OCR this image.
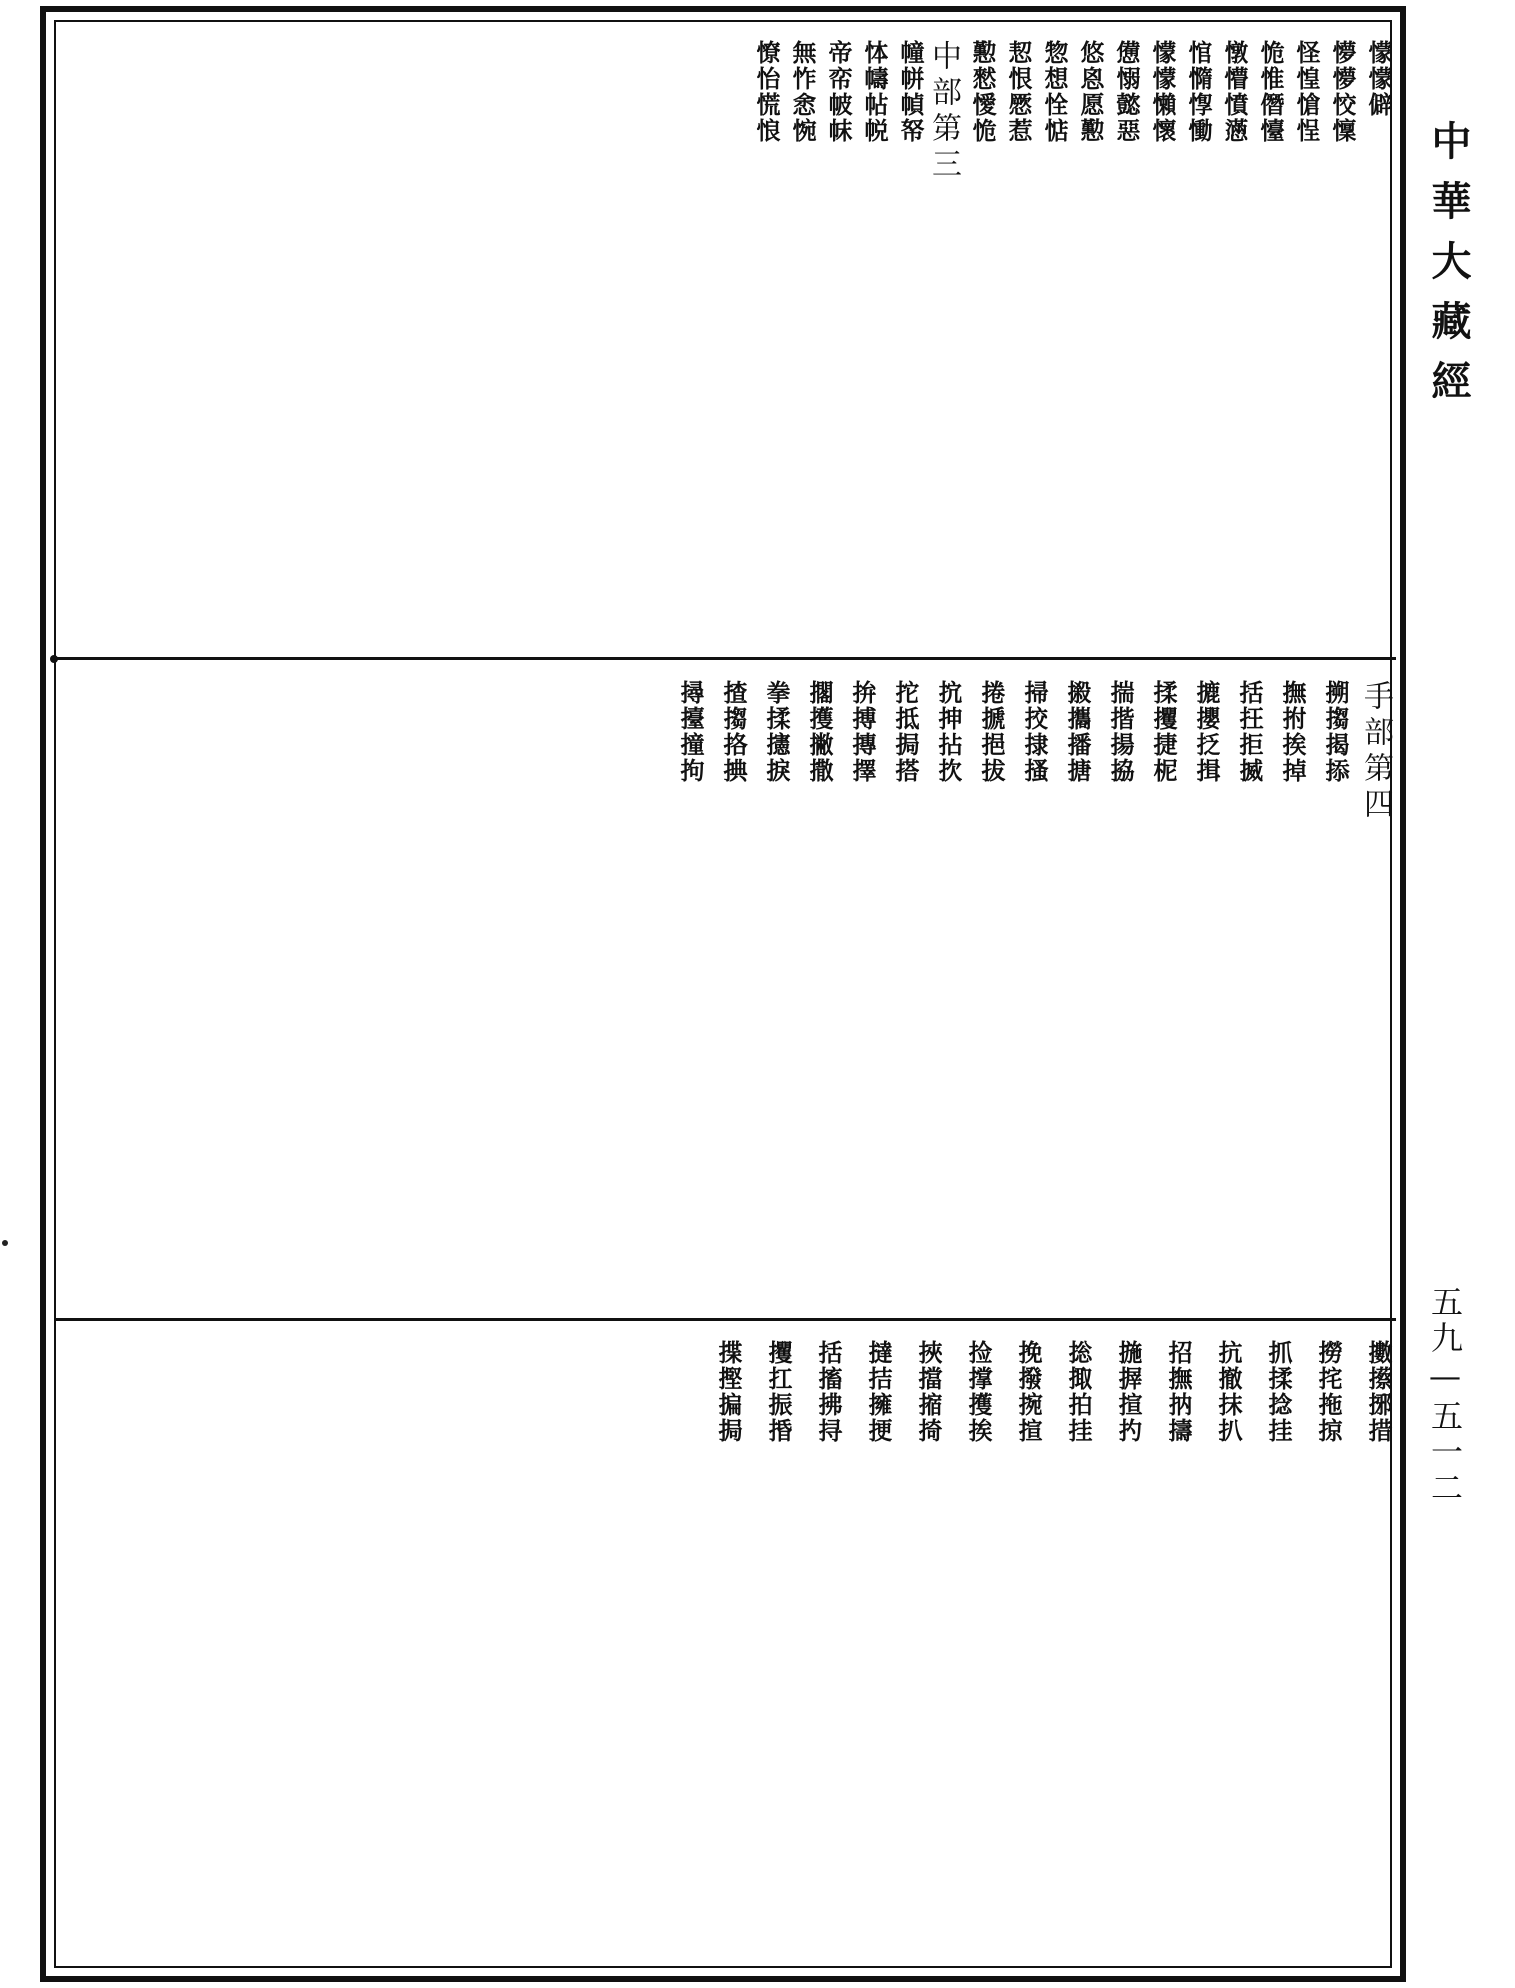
懞懞僻
懜懜恔懍
怪惶愴悜
恑惟僭懛
憞懵憤懣
悺憜惸慟
懞懞懶懷
憊愵懿惡
悠恖愿懃
惣想恮惦
恝恨憠惹
懃憖懓恑
中部第三
幢帡幀帑
㤓幬帖帨
帝帟帔帓
無怍悆惋
憭怡慌悢
手部第四
搠搊揭掭
撫拊挨掉
括抂拒揻
摝攖抸揖
揉攫捷柅
揣揩揚拹
摋攜播搪
掃挍捸搔
捲搋挹拔
抭抻拈扻
拕抵挶搭
拚搏摶擇
擱擭撇撒
拳揉攇捩
揸搊挌捵
撏擡撞拘
擻攃捓措
撈挓拖掠
抓揉捻挂
抗撤抹扒
招撫抐擣
揓搱揎扚
捴掫拍挂
挽撥捥揎
捡撑擭挨
挾擋摍掎
撻拮擁挭
括搐拂挦
攫扛振捪
揲摼揙挶
中華大藏經
五九—五一二
